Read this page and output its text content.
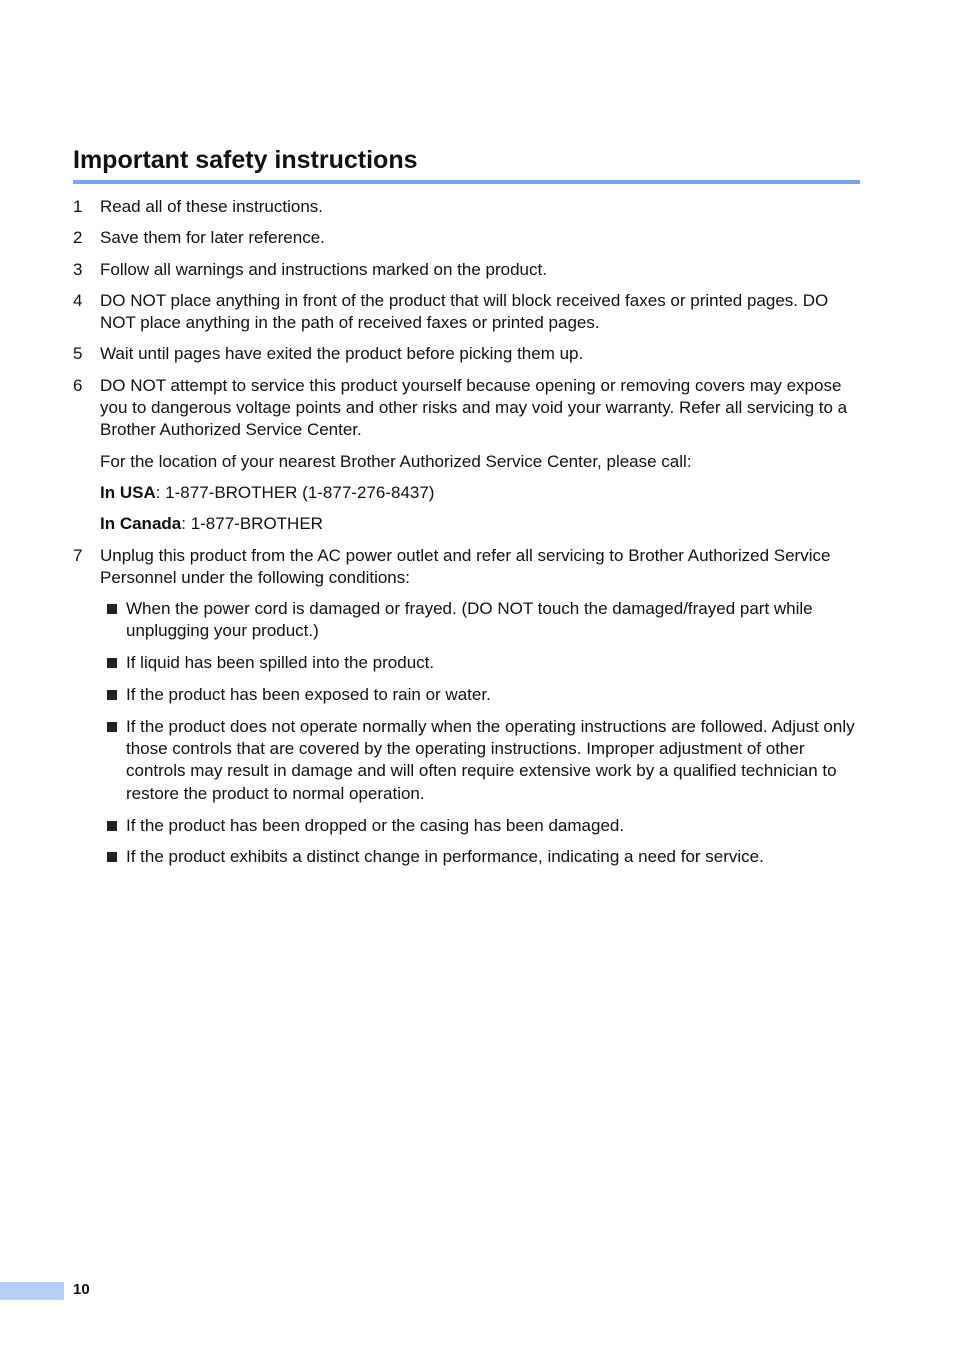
Important safety instructions
1	Read all of these instructions.
2	Save them for later reference.
3	Follow all warnings and instructions marked on the product.
4	DO NOT place anything in front of the product that will block received faxes or printed pages. DO NOT place anything in the path of received faxes or printed pages.
5	Wait until pages have exited the product before picking them up.
6	DO NOT attempt to service this product yourself because opening or removing covers may expose you to dangerous voltage points and other risks and may void your warranty. Refer all servicing to a Brother Authorized Service Center.
For the location of your nearest Brother Authorized Service Center, please call:
In USA: 1-877-BROTHER (1-877-276-8437)
In Canada: 1-877-BROTHER
7	Unplug this product from the AC power outlet and refer all servicing to Brother Authorized Service Personnel under the following conditions:
When the power cord is damaged or frayed. (DO NOT touch the damaged/frayed part while unplugging your product.)
If liquid has been spilled into the product.
If the product has been exposed to rain or water.
If the product does not operate normally when the operating instructions are followed. Adjust only those controls that are covered by the operating instructions. Improper adjustment of other controls may result in damage and will often require extensive work by a qualified technician to restore the product to normal operation.
If the product has been dropped or the casing has been damaged.
If the product exhibits a distinct change in performance, indicating a need for service.
10
